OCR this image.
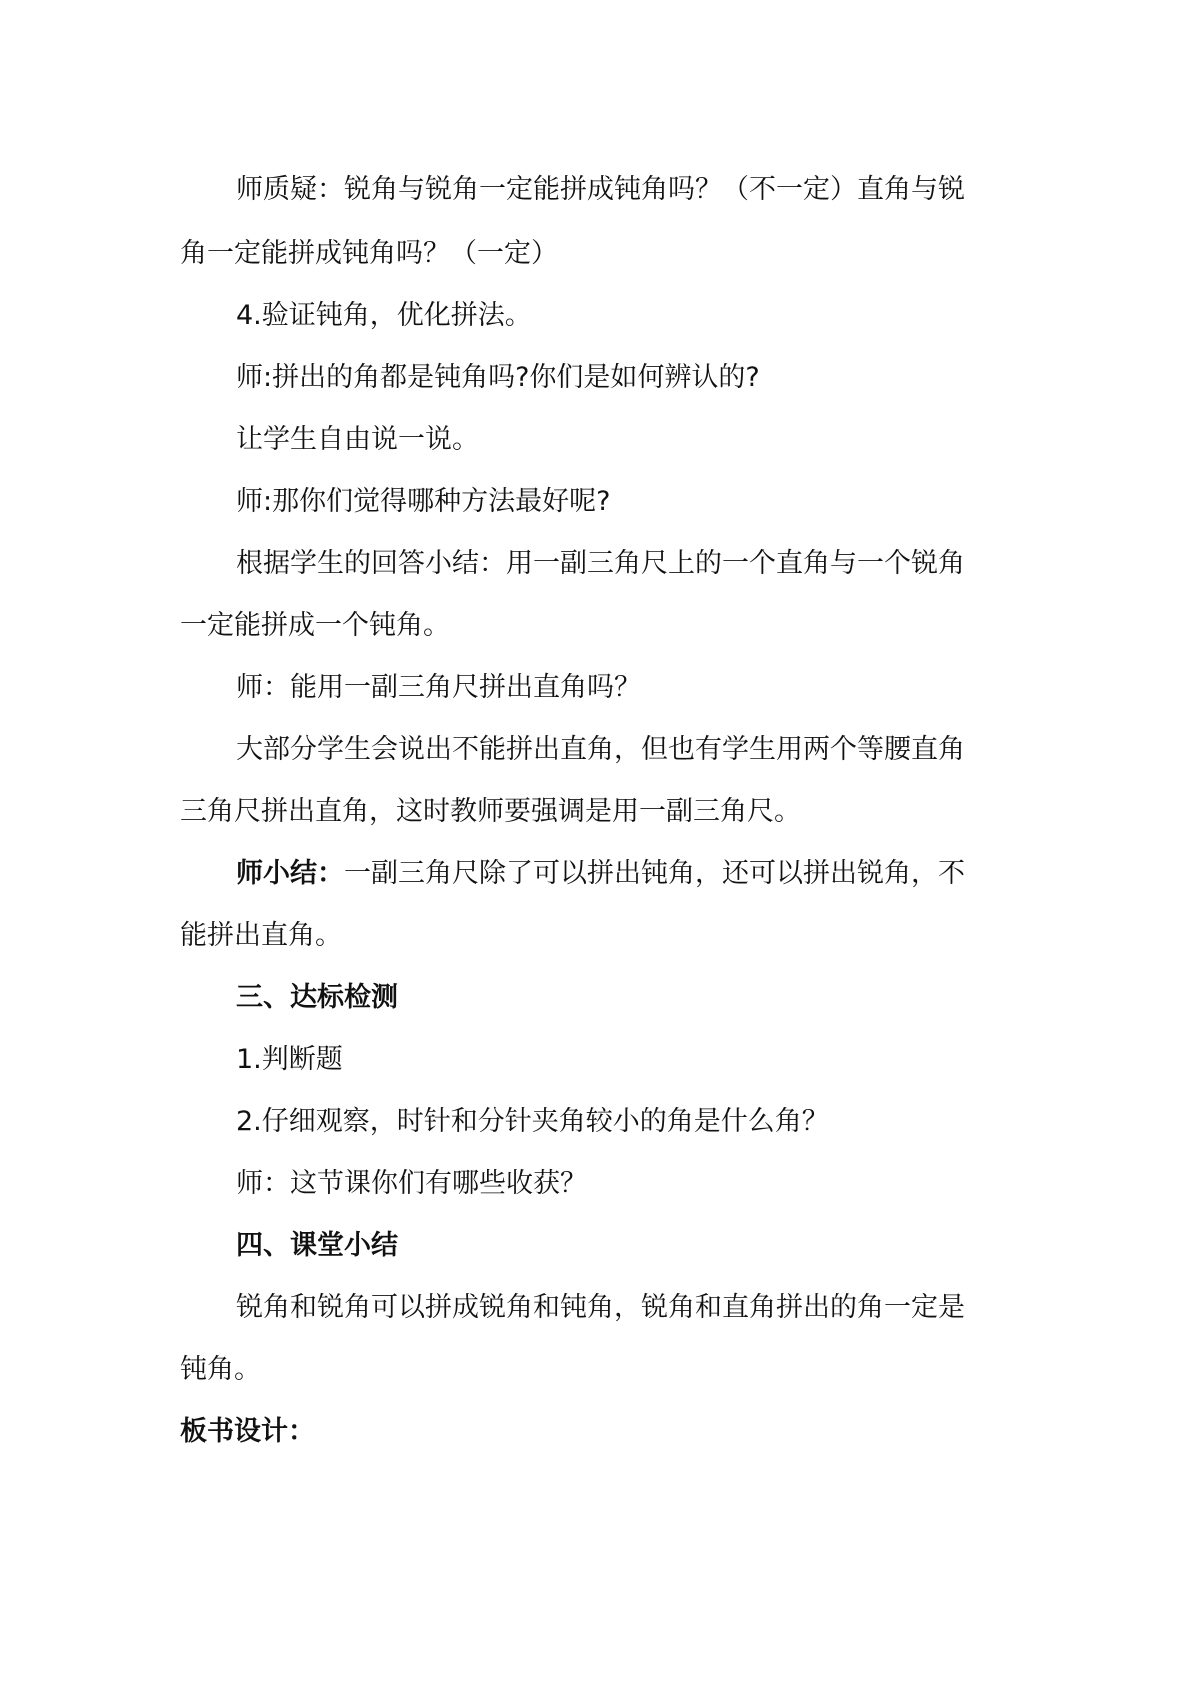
师质疑：锐角与锐角一定能拼成钝角吗？（不一定）直角与锐
角一定能拼成钝角吗？（一定）
4.验证钝角，优化拼法。
师:拼出的角都是钝角吗?你们是如何辨认的?
让学生自由说一说。
师:那你们觉得哪种方法最好呢?
根据学生的回答小结：用一副三角尺上的一个直角与一个锐角
一定能拼成一个钝角。
师：能用一副三角尺拼出直角吗？
大部分学生会说出不能拼出直角，但也有学生用两个等腰直角
三角尺拼出直角，这时教师要强调是用一副三角尺。
师小结：一副三角尺除了可以拼出钝角，还可以拼出锐角，不
能拼出直角。
三、达标检测
1.判断题
2.仔细观察，时针和分针夹角较小的角是什么角？
师：这节课你们有哪些收获？
四、课堂小结
锐角和锐角可以拼成锐角和钝角，锐角和直角拼出的角一定是
钝角。
板书设计：
